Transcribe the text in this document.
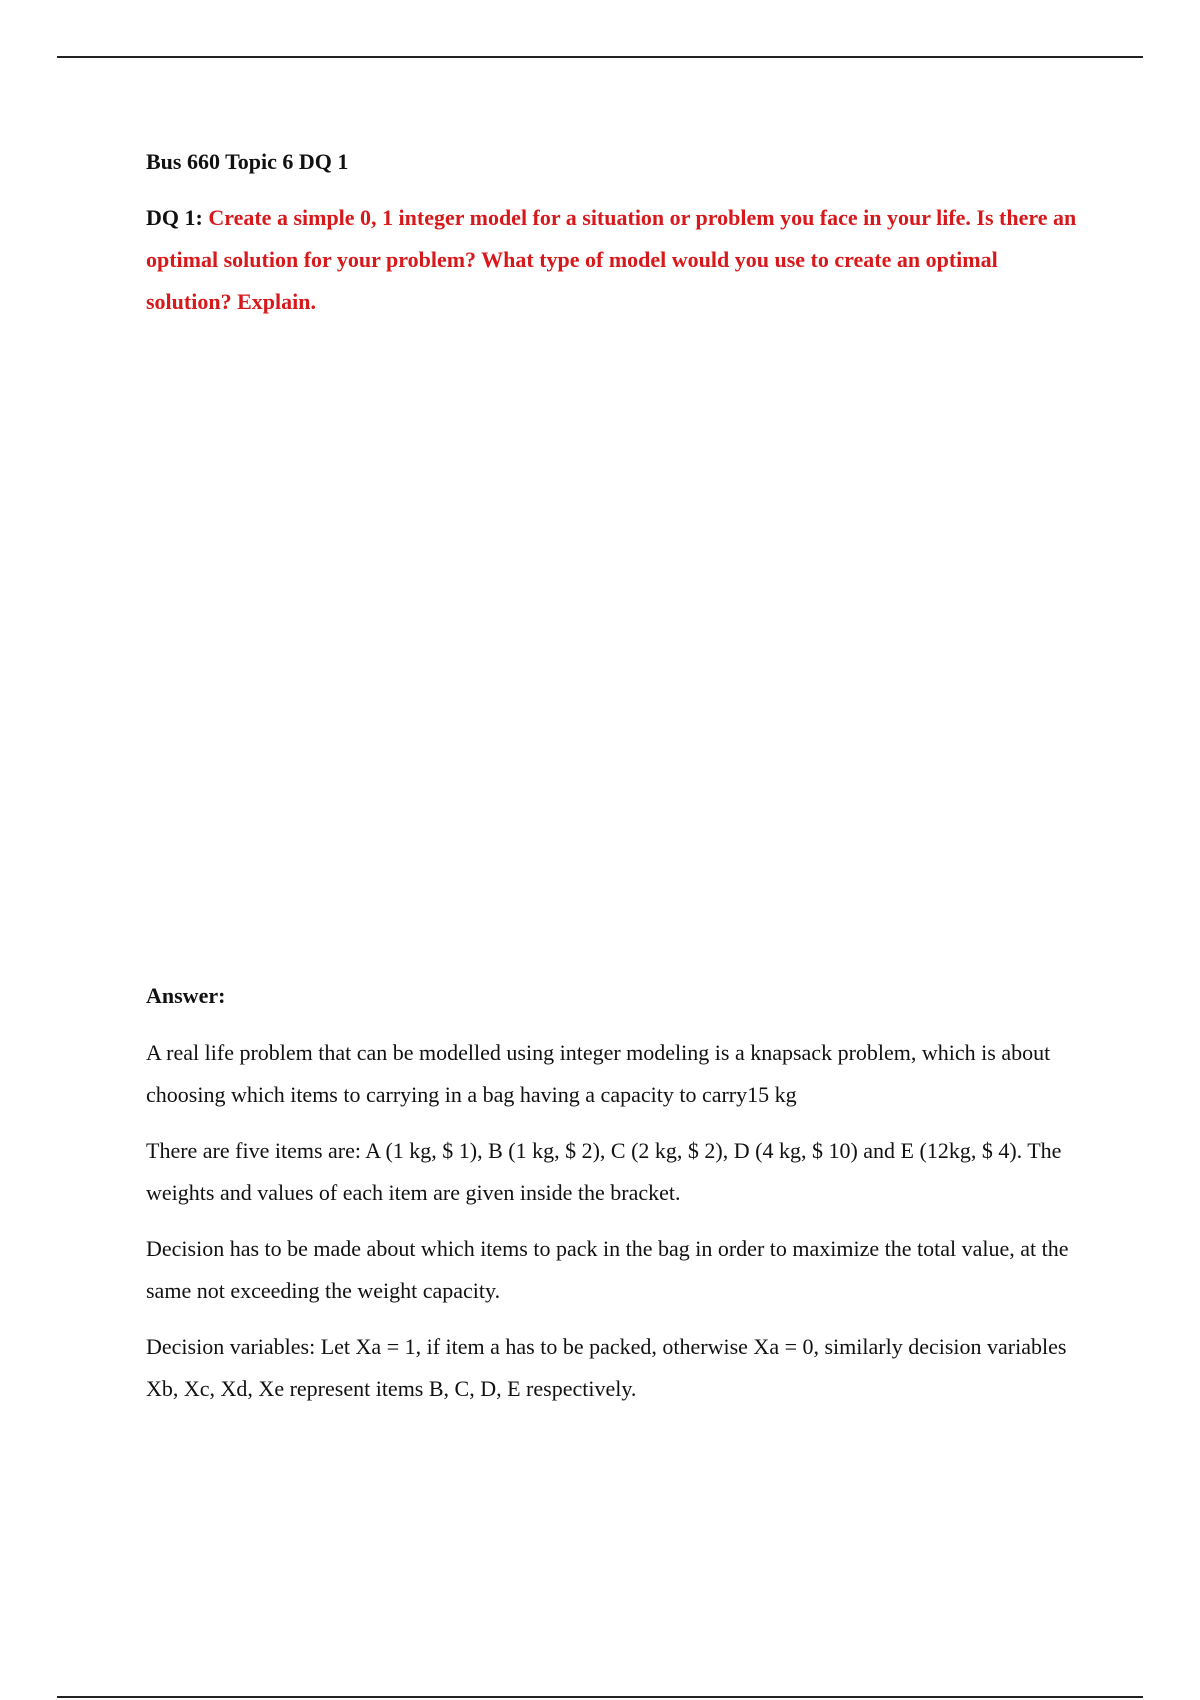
Bus 660 Topic 6 DQ 1

DQ 1: Create a simple 0, 1 integer model for a situation or problem you face in your life. Is there an optimal solution for your problem? What type of model would you use to create an optimal solution? Explain.

Answer:

A real life problem that can be modelled using integer modeling is a knapsack problem, which is about choosing which items to carrying in a bag having a capacity to carry15 kg

There are five items are: A (1 kg, $ 1), B (1 kg, $ 2), C (2 kg, $ 2), D (4 kg, $ 10) and E (12kg, $ 4). The weights and values of each item are given inside the bracket.

Decision has to be made about which items to pack in the bag in order to maximize the total value, at the same not exceeding the weight capacity.

Decision variables: Let Xa = 1, if item a has to be packed, otherwise Xa = 0, similarly decision variables Xb, Xc, Xd, Xe represent items B, C, D, E respectively.
